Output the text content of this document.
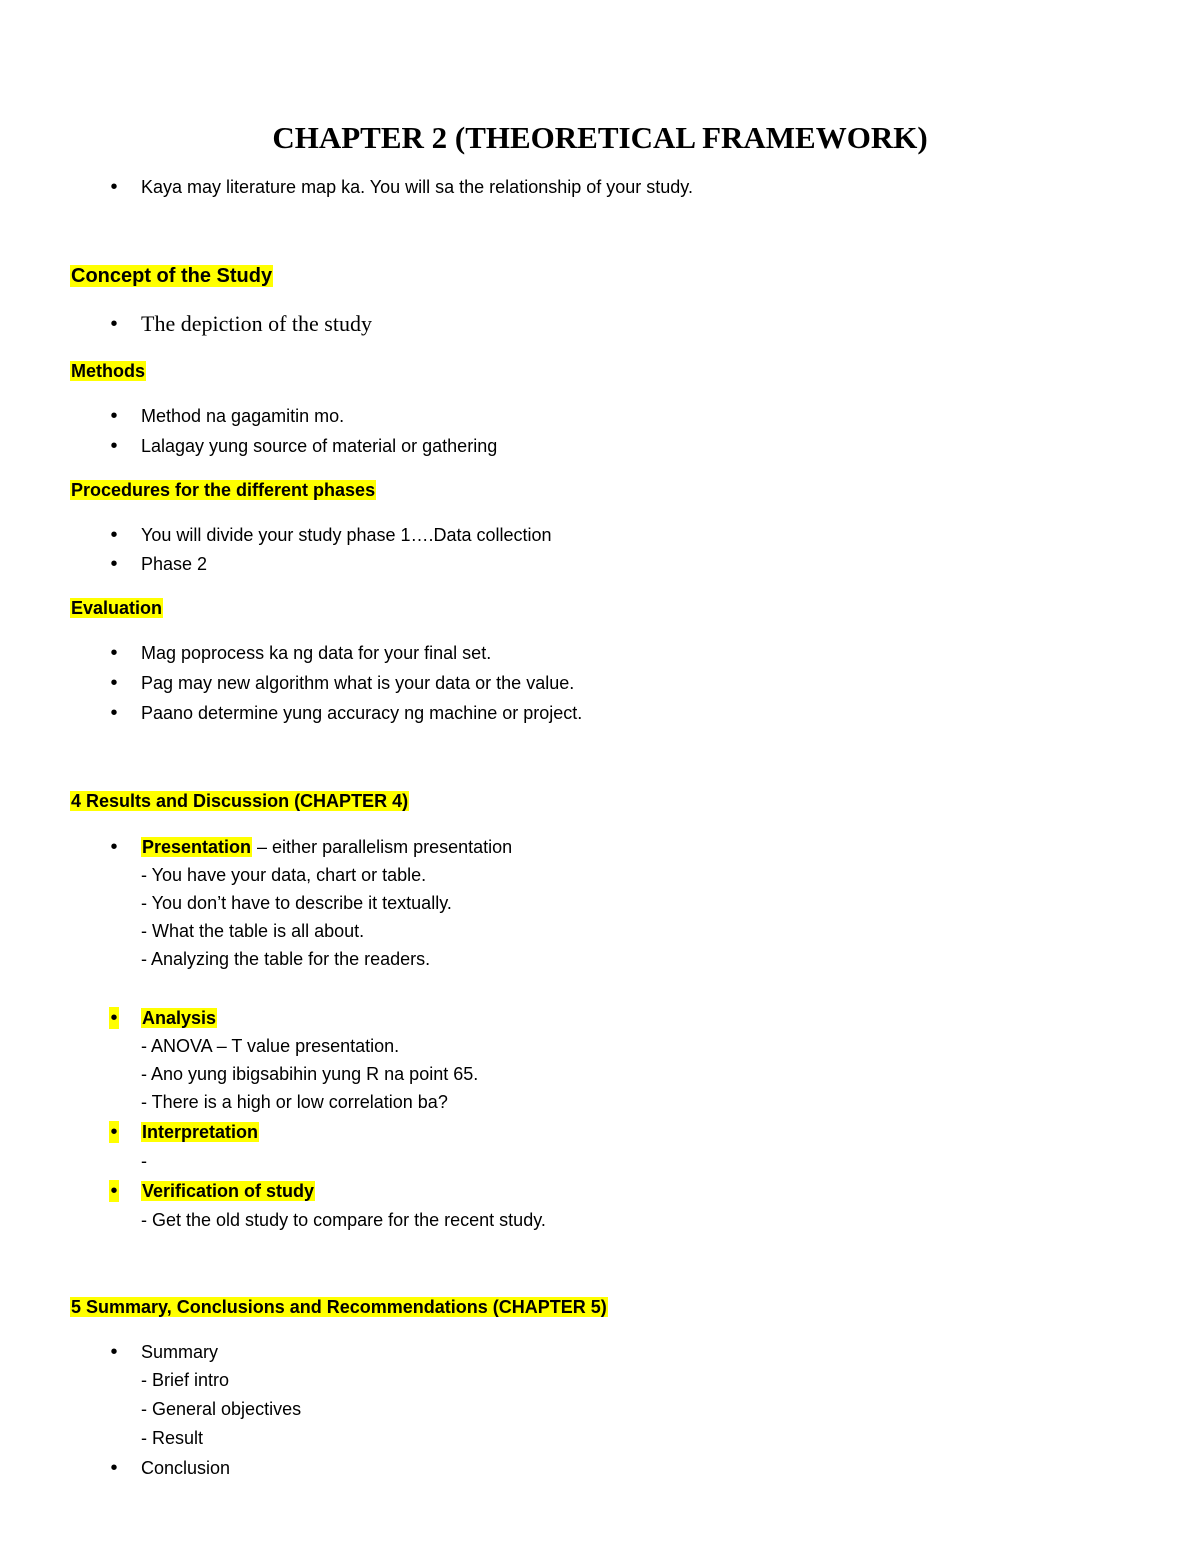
CHAPTER 2 (THEORETICAL FRAMEWORK)
•	Kaya may literature map ka. You will sa the relationship of your study.
Concept of the Study
• The depiction of the study
Methods
•	Method na gagamitin mo.
•	Lalagay yung source of material or gathering
Procedures for the different phases
•	You will divide your study phase 1….Data collection
•	Phase 2
Evaluation
•	Mag poprocess ka ng data for your final set.
•	Pag may new algorithm what is your data or the value.
•	Paano determine yung accuracy ng machine or project.
4 Results and Discussion (CHAPTER 4)
•	Presentation – either parallelism presentation
- You have your data, chart or table.
- You don’t have to describe it textually.
- What the table is all about.
- Analyzing the table for the readers.
•	Analysis
- ANOVA – T value presentation.
- Ano yung ibigsabihin yung R na point 65.
- There is a high or low correlation ba?
•	Interpretation
-
•	Verification of study
- Get the old study to compare for the recent study.
5 Summary, Conclusions and Recommendations (CHAPTER 5)
•	Summary
- Brief intro
- General objectives
- Result
•	Conclusion
